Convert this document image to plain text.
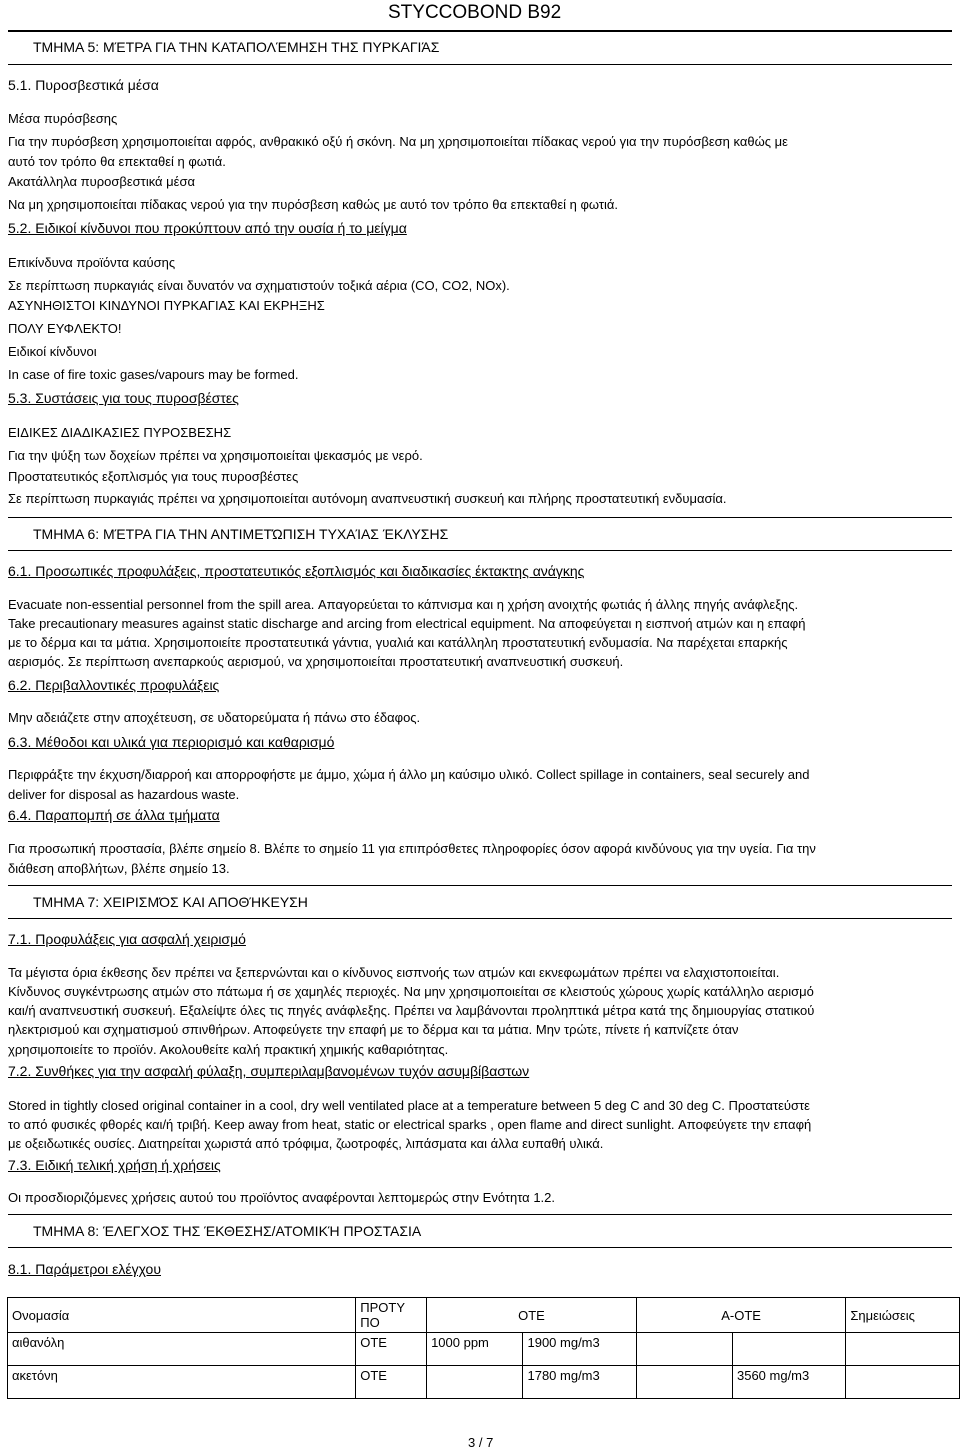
STYCCOBOND B92
ΤΜΗΜΑ 5: ΜΈΤΡΑ ΓΙΑ ΤΗΝ ΚΑΤΑΠΟΛΈΜΗΣΗ ΤΗΣ ΠΥΡΚΑΓΙΆΣ
5.1. Πυροσβεστικά μέσα
Μέσα πυρόσβεσης
Για την πυρόσβεση χρησιμοποιείται αφρός, ανθρακικό οξύ ή σκόνη. Να μη χρησιμοποιείται πίδακας νερού για την πυρόσβεση καθώς με
αυτό τον τρόπο θα επεκταθεί η φωτιά.
Ακατάλληλα πυροσβεστικά μέσα
Να μη χρησιμοποιείται πίδακας νερού για την πυρόσβεση καθώς με αυτό τον τρόπο θα επεκταθεί η φωτιά.
5.2. Ειδικοί κίνδυνοι που προκύπτουν από την ουσία ή το μείγμα
Επικίνδυνα προϊόντα καύσης
Σε περίπτωση πυρκαγιάς είναι δυνατόν να σχηματιστούν τοξικά αέρια (CO, CO2, NOx).
ΑΣΥΝΗΘΙΣΤΟΙ ΚΙΝΔΥΝΟΙ ΠΥΡΚΑΓΙΑΣ ΚΑΙ ΕΚΡΗΞΗΣ
ΠΟΛΥ ΕΥΦΛΕΚΤΟ!
Ειδικοί κίνδυνοι
In case of fire toxic gases/vapours may be formed.
5.3. Συστάσεις για τους πυροσβέστες
ΕΙΔΙΚΕΣ ΔΙΑΔΙΚΑΣΙΕΣ ΠΥΡΟΣΒΕΣΗΣ
Για την ψύξη των δοχείων πρέπει να χρησιμοποιείται ψεκασμός με νερό.
Προστατευτικός εξοπλισμός για τους πυροσβέστες
Σε περίπτωση πυρκαγιάς πρέπει να χρησιμοποιείται αυτόνομη αναπνευστική συσκευή και πλήρης προστατευτική ενδυμασία.
ΤΜΗΜΑ 6: ΜΈΤΡΑ ΓΙΑ ΤΗΝ ΑΝΤΙΜΕΤΏΠΙΣΗ ΤΥΧΑΊΑΣ ΈΚΛΥΣΗΣ
6.1. Προσωπικές προφυλάξεις, προστατευτικός εξοπλισμός και διαδικασίες έκτακτης ανάγκης
Evacuate non-essential personnel from the spill area. Απαγορεύεται το κάπνισμα και η χρήση ανοιχτής φωτιάς ή άλλης πηγής ανάφλεξης.
Take precautionary measures against static discharge and arcing from electrical equipment. Να αποφεύγεται η εισπνοή ατμών και η επαφή
με το δέρμα και τα μάτια. Χρησιμοποιείτε προστατευτικά γάντια, γυαλιά και κατάλληλη προστατευτική ενδυμασία. Να παρέχεται επαρκής
αερισμός. Σε περίπτωση ανεπαρκούς αερισμού, να χρησιμοποιείται προστατευτική αναπνευστική συσκευή.
6.2. Περιβαλλοντικές προφυλάξεις
Μην αδειάζετε στην αποχέτευση, σε υδατορεύματα ή πάνω στο έδαφος.
6.3. Μέθοδοι και υλικά για περιορισμό και καθαρισμό
Περιφράξτε την έκχυση/διαρροή και απορροφήστε με άμμο, χώμα ή άλλο μη καύσιμο υλικό. Collect spillage in containers, seal securely and
deliver for disposal as hazardous waste.
6.4. Παραπομπή σε άλλα τμήματα
Για προσωπική προστασία, βλέπε σημείο 8. Βλέπε το σημείο 11 για επιπρόσθετες πληροφορίες όσον αφορά κινδύνους για την υγεία. Για την
διάθεση αποβλήτων, βλέπε σημείο 13.
ΤΜΗΜΑ 7: ΧΕΙΡΙΣΜΌΣ ΚΑΙ ΑΠΟΘΉΚΕΥΣΗ
7.1. Προφυλάξεις για ασφαλή χειρισμό
Τα μέγιστα όρια έκθεσης δεν πρέπει να ξεπερνώνται και ο κίνδυνος εισπνοής των ατμών και εκνεφωμάτων πρέπει να ελαχιστοποιείται.
Κίνδυνος συγκέντρωσης ατμών στο πάτωμα ή σε χαμηλές περιοχές. Να μην χρησιμοποιείται σε κλειστούς χώρους χωρίς κατάλληλο αερισμό
και/ή αναπνευστική συσκευή. Εξαλείψτε όλες τις πηγές ανάφλεξης. Πρέπει να λαμβάνονται προληπτικά μέτρα κατά της δημιουργίας στατικού
ηλεκτρισμού και σχηματισμού σπινθήρων. Αποφεύγετε την επαφή με το δέρμα και τα μάτια. Μην τρώτε, πίνετε ή καπνίζετε όταν
χρησιμοποιείτε το προϊόν. Ακολουθείτε καλή πρακτική χημικής καθαριότητας.
7.2. Συνθήκες για την ασφαλή φύλαξη, συμπεριλαμβανομένων τυχόν ασυμβίβαστων
Stored in tightly closed original container in a cool, dry well ventilated place at a temperature between 5 deg C and 30 deg C. Προστατεύστε
το από φυσικές φθορές και/ή τριβή. Keep away from heat, static or electrical sparks , open flame and direct sunlight. Αποφεύγετε την επαφή
με οξειδωτικές ουσίες. Διατηρείται χωριστά από τρόφιμα, ζωοτροφές, λιπάσματα και άλλα ευπαθή υλικά.
7.3. Ειδική τελική χρήση ή χρήσεις
Οι προσδιοριζόμενες χρήσεις αυτού του προϊόντος αναφέρονται λεπτομερώς στην Ενότητα 1.2.
ΤΜΗΜΑ 8: ΈΛΕΓΧΟΣ ΤΗΣ ΈΚΘΕΣΗΣ/ΑΤΟΜΙΚΉ ΠΡΟΣΤΑΣΙΑ
8.1. Παράμετροι ελέγχου
Ονομασία	ΠΡΟΤΥ
ΠΟ	ΟΤΕ		Α-ΟΤΕ		Σημειώσεις
αιθανόλη	ΟΤΕ	1000 ppm	1900 mg/m3			
ακετόνη	ΟΤΕ		1780 mg/m3		3560 mg/m3	
3 / 7
